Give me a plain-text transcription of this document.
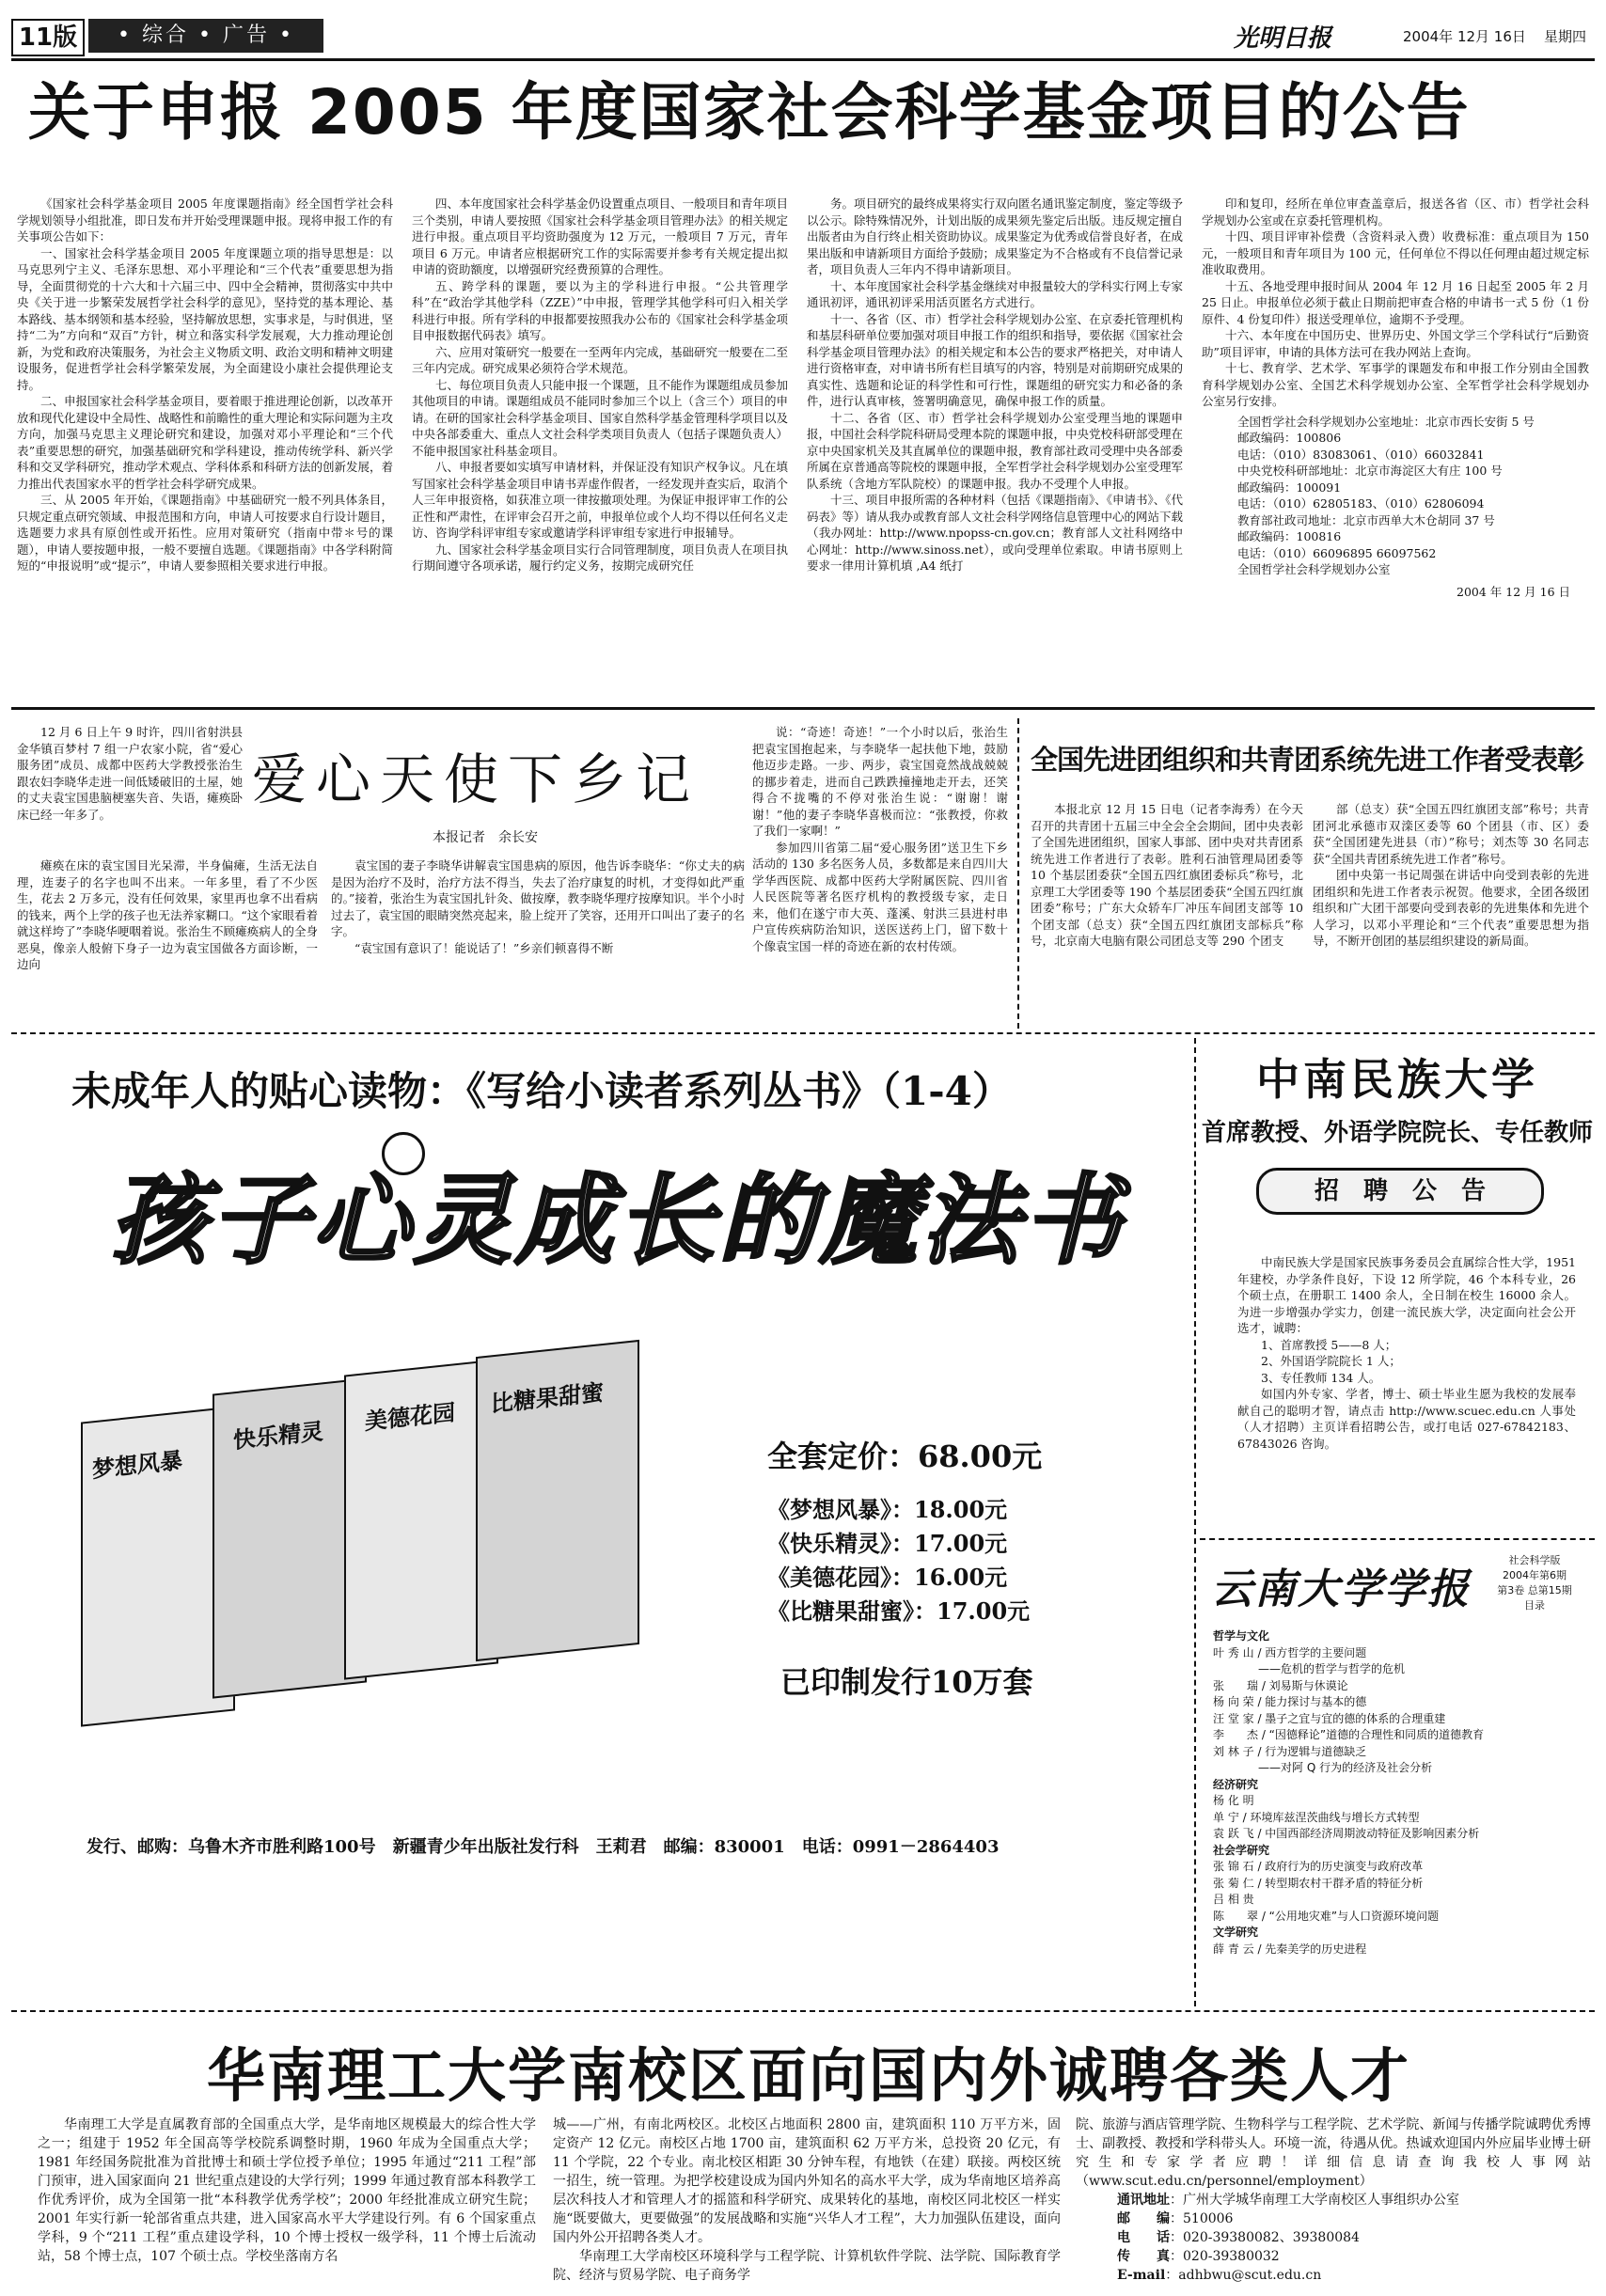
11版	• 综合 • 广告 •	光明日报	2004年 12月 16日 星期四
关于申报 2005 年度国家社会科学基金项目的公告

《国家社会科学基金项目 2005 年度课题指南》经全国哲学社会科学规划领导小组批准，即日发布并开始受理课题申报。现将申报工作的有关事项公告如下：

一、国家社会科学基金项目 2005 年度课题立项的指导思想是：以马克思列宁主义、毛泽东思想、邓小平理论和“三个代表”重要思想为指导，全面贯彻党的十六大和十六届三中、四中全会精神，贯彻落实中共中央《关于进一步繁荣发展哲学社会科学的意见》，坚持党的基本理论、基本路线、基本纲领和基本经验，坚持解放思想，实事求是，与时俱进，坚持“二为”方向和“双百”方针，树立和落实科学发展观，大力推动理论创新，为党和政府决策服务，为社会主义物质文明、政治文明和精神文明建设服务，促进哲学社会科学繁荣发展，为全面建设小康社会提供理论支持。

二、申报国家社会科学基金项目，要着眼于推进理论创新，以改革开放和现代化建设中全局性、战略性和前瞻性的重大理论和实际问题为主攻方向，加强马克思主义理论研究和建设，加强对邓小平理论和“三个代表”重要思想的研究，加强基础研究和学科建设，推动传统学科、新兴学科和交叉学科研究，推动学术观点、学科体系和科研方法的创新发展，着力推出代表国家水平的哲学社会科学研究成果。

三、从 2005 年开始，《课题指南》中基础研究一般不列具体条目，只规定重点研究领域、申报范围和方向，申请人可按要求自行设计题目，选题要力求具有原创性或开拓性。应用对策研究（指南中带＊号的课题），申请人要按题申报，一般不要擅自选题。《课题指南》中各学科附简短的“申报说明”或“提示”，申请人要参照相关要求进行申报。

四、本年度国家社会科学基金仍设置重点项目、一般项目和青年项目三个类别，申请人要按照《国家社会科学基金项目管理办法》的相关规定进行申报。重点项目平均资助强度为 12 万元，一般项目 7 万元，青年项目 6 万元。申请者应根据研究工作的实际需要并参考有关规定提出拟申请的资助额度，以增强研究经费预算的合理性。

五、跨学科的课题，要以为主的学科进行申报。“公共管理学科”在“政治学其他学科（ZZE）”中申报，管理学其他学科可归入相关学科进行申报。所有学科的申报都要按照我办公布的《国家社会科学基金项目申报数据代码表》填写。

六、应用对策研究一般要在一至两年内完成，基础研究一般要在二至三年内完成。研究成果必须符合学术规范。

七、每位项目负责人只能申报一个课题，且不能作为课题组成员参加其他项目的申请。课题组成员不能同时参加三个以上（含三个）项目的申请。在研的国家社会科学基金项目、国家自然科学基金管理科学项目以及中央各部委重大、重点人文社会科学类项目负责人（包括子课题负责人）不能申报国家社科基金项目。

八、申报者要如实填写申请材料，并保证没有知识产权争议。凡在填写国家社会科学基金项目申请书弄虚作假者，一经发现并查实后，取消个人三年申报资格，如获准立项一律按撤项处理。为保证申报评审工作的公正性和严肃性，在评审会召开之前，申报单位或个人均不得以任何名义走访、咨询学科评审组专家或邀请学科评审组专家进行申报辅导。

九、国家社会科学基金项目实行合同管理制度，项目负责人在项目执行期间遵守各项承诺，履行约定义务，按期完成研究任

务。项目研究的最终成果将实行双向匿名通讯鉴定制度，鉴定等级予以公示。除特殊情况外，计划出版的成果须先鉴定后出版。违反规定擅自出版者由为自行终止相关资助协议。成果鉴定为优秀或信誉良好者，在成果出版和申请新项目方面给予鼓励；成果鉴定为不合格或有不良信誉记录者，项目负责人三年内不得申请新项目。

十、本年度国家社会科学基金继续对申报量较大的学科实行网上专家通讯初评，通讯初评采用活页匿名方式进行。

十一、各省（区、市）哲学社会科学规划办公室、在京委托管理机构和基层科研单位要加强对项目申报工作的组织和指导，要依据《国家社会科学基金项目管理办法》的相关规定和本公告的要求严格把关，对申请人进行资格审查，对申请书所有栏目填写的内容，特别是对前期研究成果的真实性、选题和论证的科学性和可行性，课题组的研究实力和必备的条件，进行认真审核，签署明确意见，确保申报工作的质量。

十二、各省（区、市）哲学社会科学规划办公室受理当地的课题申报，中国社会科学院科研局受理本院的课题申报，中央党校科研部受理在京中央国家机关及其直属单位的课题申报，教育部社政司受理中央各部委所属在京普通高等院校的课题申报，全军哲学社会科学规划办公室受理军队系统（含地方军队院校）的课题申报。我办不受理个人申报。

十三、项目申报所需的各种材料（包括《课题指南》、《申请书》、《代码表》等）请从我办或教育部人文社会科学网络信息管理中心的网站下载（我办网址：http://www.npopss-cn.gov.cn；教育部人文社科网络中心网址：http://www.sinoss.net），或向受理单位索取。申请书原则上要求一律用计算机填 ,A4 纸打

印和复印，经所在单位审查盖章后，报送各省（区、市）哲学社会科学规划办公室或在京委托管理机构。

十四、项目评审补偿费（含资料录入费）收费标准：重点项目为 150 元，一般项目和青年项目为 100 元，任何单位不得以任何理由超过规定标准收取费用。

十五、各地受理申报时间从 2004 年 12 月 16 日起至 2005 年 2 月 25 日止。申报单位必须于截止日期前把审查合格的申请书一式 5 份（1 份原件、4 份复印件）报送受理单位，逾期不予受理。

十六、本年度在中国历史、世界历史、外国文学三个学科试行“后勤资助”项目评审，申请的具体方法可在我办网站上查询。

十七、教育学、艺术学、军事学的课题发布和申报工作分别由全国教育科学规划办公室、全国艺术科学规划办公室、全军哲学社会科学规划办公室另行安排。

全国哲学社会科学规划办公室地址：北京市西长安街 5 号
邮政编码：100806
电话：（010）83083061、（010）66032841
中央党校科研部地址：北京市海淀区大有庄 100 号
邮政编码：100091
电话：（010）62805183、（010）62806094
教育部社政司地址：北京市西单大木仓胡同 37 号
邮政编码：100816
电话：（010）66096895 66097562
全国哲学社会科学规划办公室
2004 年 12 月 16 日

12 月 6 日上午 9 时许，四川省射洪县金华镇百梦村 7 组一户农家小院，省“爱心服务团”成员、成都中医药大学教授张治生跟农妇李晓华走进一间低矮破旧的土屋，她的丈夫袁宝国患脑梗塞失音、失语，瘫痪卧床已经一年多了。

爱心天使下乡记
本报记者　余长安

瘫痪在床的袁宝国目光呆滞，半身偏瘫，生活无法自理，连妻子的名字也叫不出来。一年多里，看了不少医生，花去 2 万多元，没有任何效果，家里再也拿不出看病的钱来，两个上学的孩子也无法养家糊口。“这个家眼看着就这样垮了”李晓华哽咽着说。张治生不顾瘫痪病人的全身恶臭，像亲人般俯下身子一边为袁宝国做各方面诊断，一边向

袁宝国的妻子李晓华讲解袁宝国患病的原因，他告诉李晓华：“你丈夫的病是因为治疗不及时，治疗方法不得当，失去了治疗康复的时机，才变得如此严重的。”接着，张治生为袁宝国扎针灸、做按摩，教李晓华理疗按摩知识。半个小时过去了，袁宝国的眼睛突然亮起来，脸上绽开了笑容，还用开口叫出了妻子的名字。

“袁宝国有意识了！能说话了！”乡亲们顿喜得不断

说：“奇迹！奇迹！”一个小时以后，张治生把袁宝国抱起来，与李晓华一起扶他下地，鼓励他迈步走路。一步、两步，袁宝国竟然战战兢兢的挪步着走，进而自己跌跌撞撞地走开去，还笑得合不拢嘴的不停对张治生说：“谢谢！谢谢！”他的妻子李晓华喜极而泣：“张教授，你救了我们一家啊！”

参加四川省第二届“爱心服务团”送卫生下乡活动的 130 多名医务人员，多数都是来自四川大学华西医院、成都中医药大学附属医院、四川省人民医院等著名医疗机构的教授级专家，走日来，他们在遂宁市大英、蓬溪、射洪三县进村串户宣传疾病防治知识，送医送药上门，留下数十个像袁宝国一样的奇迹在新的农村传颂。

全国先进团组织和共青团系统先进工作者受表彰

本报北京 12 月 15 日电（记者李海秀）在今天召开的共青团十五届三中全会全会期间，团中央表彰了全国先进团组织，国家人事部、团中央对共青团系统先进工作者进行了表彰。胜利石油管理局团委等 10 个基层团委获“全国五四红旗团委标兵”称号，北京理工大学团委等 190 个基层团委获“全国五四红旗团委”称号；广东大众轿车厂冲压车间团支部等 10 个团支部（总支）获“全国五四红旗团支部标兵”称号，北京南大电脑有限公司团总支等 290 个团支

部（总支）获“全国五四红旗团支部”称号；共青团河北承德市双滦区委等 60 个团县（市、区）委获“全国团建先进县（市）”称号；刘杰等 30 名同志获“全国共青团系统先进工作者”称号。

团中央第一书记周强在讲话中向受到表彰的先进团组织和先进工作者表示祝贺。他要求，全团各级团组织和广大团干部要向受到表彰的先进集体和先进个人学习，以邓小平理论和“三个代表”重要思想为指导，不断开创团的基层组织建设的新局面。

未成年人的贴心读物：《写给小读者系列丛书》（1-4）
孩子心灵成长的魔法书
梦想风暴
快乐精灵
美德花园	比糖果甜蜜
全套定价：68.00元
《梦想风暴》：18.00元
《快乐精灵》：17.00元
《美德花园》：16.00元
《比糖果甜蜜》：17.00元
已印制发行10万套
发行、邮购：乌鲁木齐市胜利路100号　新疆青少年出版社发行科　王莉君　邮编：830001　电话：0991－2864403
中南民族大学
首席教授、外语学院院长、专任教师
招　聘　公　告

中南民族大学是国家民族事务委员会直属综合性大学，1951 年建校，办学条件良好，下设 12 所学院，46 个本科专业，26 个硕士点，在册职工 1400 余人，全日制在校生 16000 余人。为进一步增强办学实力，创建一流民族大学，决定面向社会公开选才，诚聘：

1、首席教授 5——8 人；
2、外国语学院院长 1 人；
3、专任教师 134 人。

如国内外专家、学者，博士、硕士毕业生愿为我校的发展奉献自己的聪明才智，请点击 http://www.scuec.edu.cn 人事处（人才招聘）主页详看招聘公告，或打电话 027-67842183、67843026 咨询。

云南大学学报
社会科学版
2004年第6期
第3卷 总第15期
目录
哲学与文化
叶 秀 山 / 西方哲学的主要问题
　　　　——危机的哲学与哲学的危机
张　　瑞 / 刘易斯与休谟论
杨 向 荣 / 能力探讨与基本的德
汪 堂 家 / 墨子之宜与宜的德的体系的合理重建
李　　杰 / “因德释论”道德的合理性和同质的道德教育
刘 林 子 / 行为逻辑与道德缺乏
　　　　——对阿 Q 行为的经济及社会分析
经济研究
杨 化 明
单 宁 / 环境库兹涅茨曲线与增长方式转型
袁 跃 飞 / 中国西部经济周期波动特征及影响因素分析
社会学研究
张 锦 石 / 政府行为的历史演变与政府改革
张 菊 仁 / 转型期农村干群矛盾的特征分析
吕 相 贵
陈　　翠 / “公用地灾难”与人口资源环境问题
文学研究
薛 青 云 / 先秦美学的历史进程
华南理工大学南校区面向国内外诚聘各类人才

华南理工大学是直属教育部的全国重点大学，是华南地区规模最大的综合性大学之一；组建于 1952 年全国高等学校院系调整时期，1960 年成为全国重点大学；1981 年经国务院批准为首批博士和硕士学位授予单位；1995 年通过“211 工程”部门预审，进入国家面向 21 世纪重点建设的大学行列；1999 年通过教育部本科教学工作优秀评价，成为全国第一批“本科教学优秀学校”；2000 年经批准成立研究生院；2001 年实行新一轮部省重点共建，进入国家高水平大学建设行列。有 6 个国家重点学科，9 个“211 工程”重点建设学科，10 个博士授权一级学科，11 个博士后流动站，58 个博士点，107 个硕士点。学校坐落南方名

城——广州，有南北两校区。北校区占地面积 2800 亩，建筑面积 110 万平方米，固定资产 12 亿元。南校区占地 1700 亩，建筑面积 62 万平方米，总投资 20 亿元，有 11 个学院，22 个专业。南北校区相距 30 分钟车程，有地铁（在建）联接。两校区统一招生，统一管理。为把学校建设成为国内外知名的高水平大学，成为华南地区培养高层次科技人才和管理人才的摇篮和科学研究、成果转化的基地，南校区同北校区一样实施“既要做大，更要做强”的发展战略和实施“兴华人才工程”，大力加强队伍建设，面向国内外公开招聘各类人才。

华南理工大学南校区环境科学与工程学院、计算机软件学院、法学院、国际教育学院、经济与贸易学院、电子商务学

院、旅游与酒店管理学院、生物科学与工程学院、艺术学院、新闻与传播学院诚聘优秀博士、副教授、教授和学科带头人。环境一流，待遇从优。热诚欢迎国内外应届毕业博士研究生和专家学者应聘！详细信息请查询我校人事网站（www.scut.edu.cn/personnel/employment）

通讯地址：广州大学城华南理工大学南校区人事组织办公室
邮　　编：510006
电　　话：020-39380082、39380084
传　　真：020-39380032
E-mail：adhbwu@scut.edu.cn
